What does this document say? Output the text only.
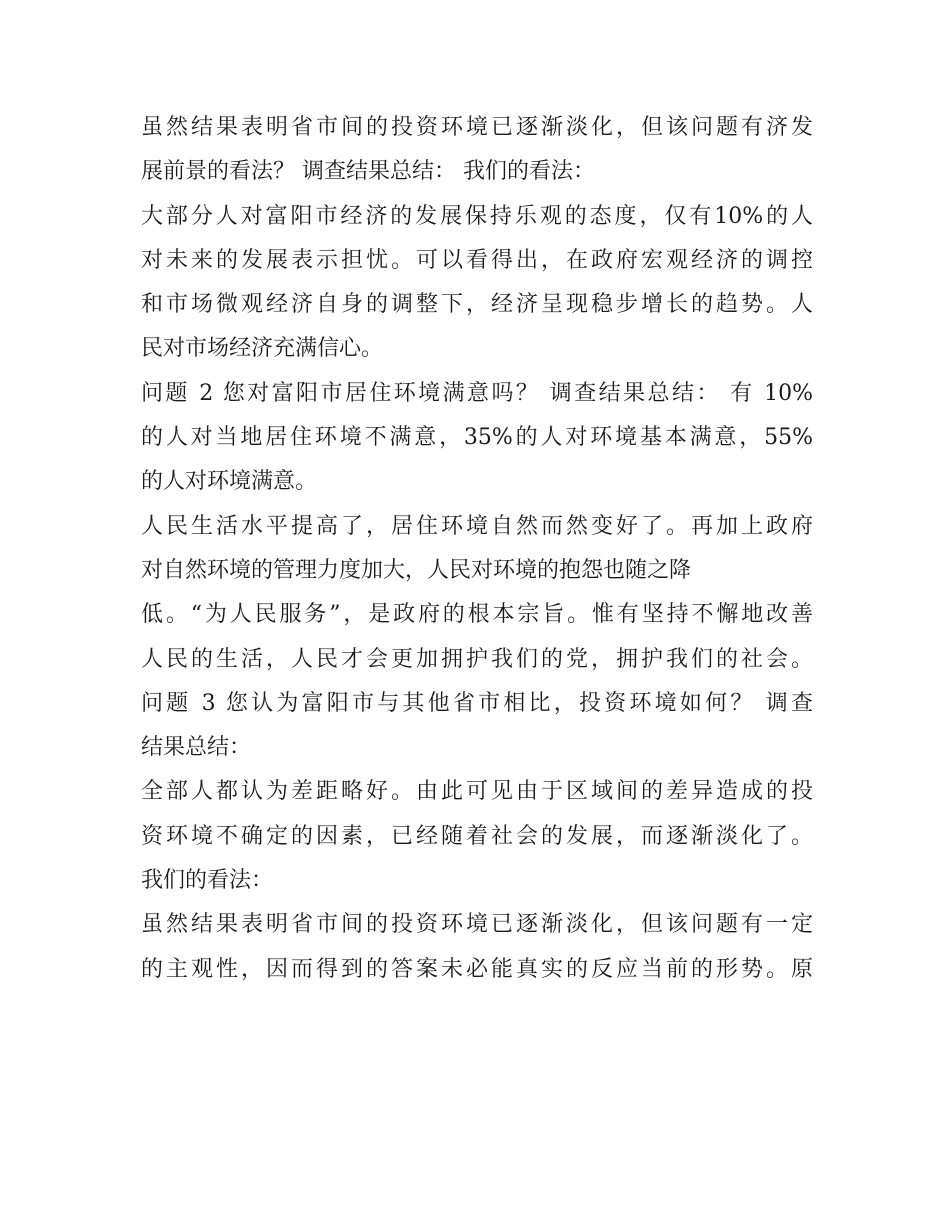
虽然结果表明省市间的投资环境已逐渐淡化，但该问题有济发
展前景的看法？ 调查结果总结： 我们的看法：
大部分人对富阳市经济的发展保持乐观的态度，仅有10%的人
对未来的发展表示担忧。可以看得出，在政府宏观经济的调控
和市场微观经济自身的调整下，经济呈现稳步增长的趋势。人
民对市场经济充满信心。
问题 2 您对富阳市居住环境满意吗？ 调查结果总结： 有 10%
的人对当地居住环境不满意，35%的人对环境基本满意，55%
的人对环境满意。
人民生活水平提高了，居住环境自然而然变好了。再加上政府
对自然环境的管理力度加大，人民对环境的抱怨也随之降
低。“为人民服务”，是政府的根本宗旨。惟有坚持不懈地改善
人民的生活，人民才会更加拥护我们的党，拥护我们的社会。
问题 3 您认为富阳市与其他省市相比，投资环境如何？ 调查
结果总结：
全部人都认为差距略好。由此可见由于区域间的差异造成的投
资环境不确定的因素，已经随着社会的发展，而逐渐淡化了。
我们的看法：
虽然结果表明省市间的投资环境已逐渐淡化，但该问题有一定
的主观性，因而得到的答案未必能真实的反应当前的形势。原
